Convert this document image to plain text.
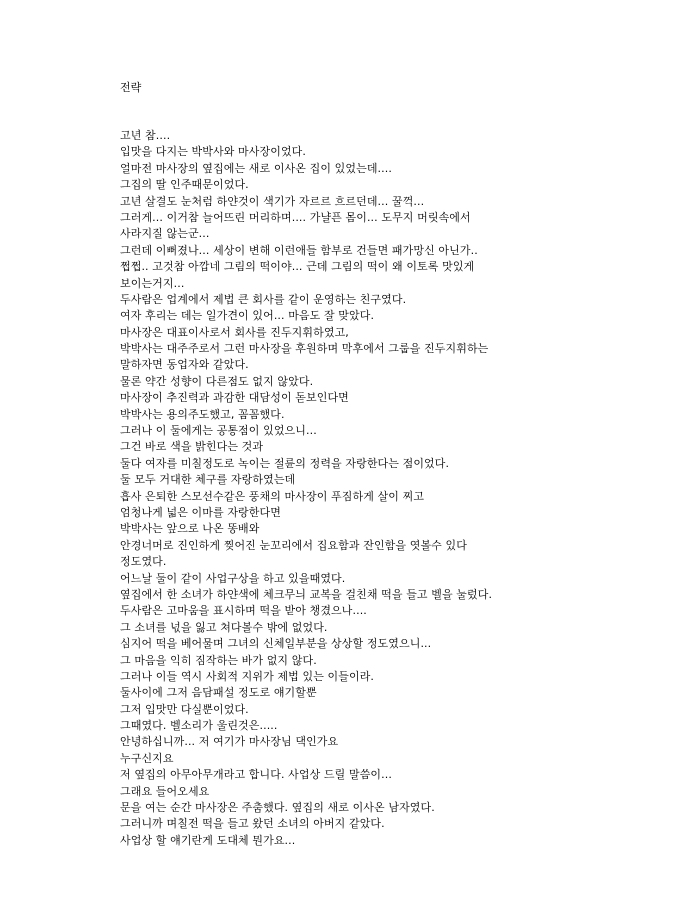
전략
고년 참....
입맛을 다지는 박박사와 마사장이었다.
얼마전 마사장의 옆집에는 새로 이사온 집이 있었는데....
그집의 딸 인주때문이었다.
고년 살결도 눈처럼 하얀것이 색기가 자르르 흐르던데... 꿀꺽...
그러게... 이거참 늘어뜨린 머리하며.... 가냘픈 몸이... 도무지 머릿속에서
사라지질 않는군...
그런데 이뻐졌나... 세상이 변해 이런애들 함부로 건들면 패가망신 아닌가..
쩝쩝.. 고것참 아깝네 그림의 떡이야... 근데 그림의 떡이 왜 이토록 맛있게
보이는거지...
두사람은 업계에서 제법 큰 회사를 같이 운영하는 친구였다.
여자 후리는 데는 일가견이 있어... 마음도 잘 맞았다.
마사장은 대표이사로서 회사를 진두지휘하였고,
박박사는 대주주로서 그런 마사장을 후원하며 막후에서 그룹을 진두지휘하는
말하자면 동업자와 같았다.
물론 약간 성향이 다른점도 없지 않았다.
마사장이 추진력과 과감한 대담성이 돋보인다면
박박사는 용의주도했고, 꼼꼼했다.
그러나 이 둘에게는 공통점이 있었으니...
그건 바로 색을 밝힌다는 것과
둘다 여자를 미칠정도로 녹이는 절륜의 정력을 자랑한다는 점이었다.
둘 모두 거대한 체구를 자랑하였는데
흡사 은퇴한 스모선수같은 풍채의 마사장이 푸짐하게 살이 찌고
엄청나게 넓은 이마를 자랑한다면
박박사는 앞으로 나온 똥배와
안경너머로 진인하게 찢어진 눈꼬리에서 집요함과 잔인함을 엿볼수 있다
정도였다.
어느날 둘이 같이 사업구상을 하고 있을때였다.
옆집에서 한 소녀가 하얀색에 체크무늬 교복을 걸친채 떡을 들고 벨을 눌렀다.
두사람은 고마움을 표시하며 떡을 받아 챙겼으나....
그 소녀를 넋을 잃고 쳐다볼수 밖에 없었다.
심지어 떡을 베어물며 그녀의 신체일부분을 상상할 정도였으니...
그 마음을 익히 짐작하는 바가 없지 않다.
그러나 이들 역시 사회적 지위가 제법 있는 이들이라.
둘사이에 그저 음담패설 정도로 얘기할뿐
그저 입맛만 다실뿐이었다.
그때였다. 벨소리가 울린것은.....
안녕하십니까... 저 여기가 마사장님 댁인가요
누구신지요
저 옆집의 아무아무개라고 합니다. 사업상 드릴 말씀이...
그래요 들어오세요
문을 여는 순간 마사장은 주춤했다. 옆집의 새로 이사온 남자였다.
그러니까 며칠전 떡을 들고 왔던 소녀의 아버지 같았다.
사업상 할 얘기란게 도대체 뭔가요...
